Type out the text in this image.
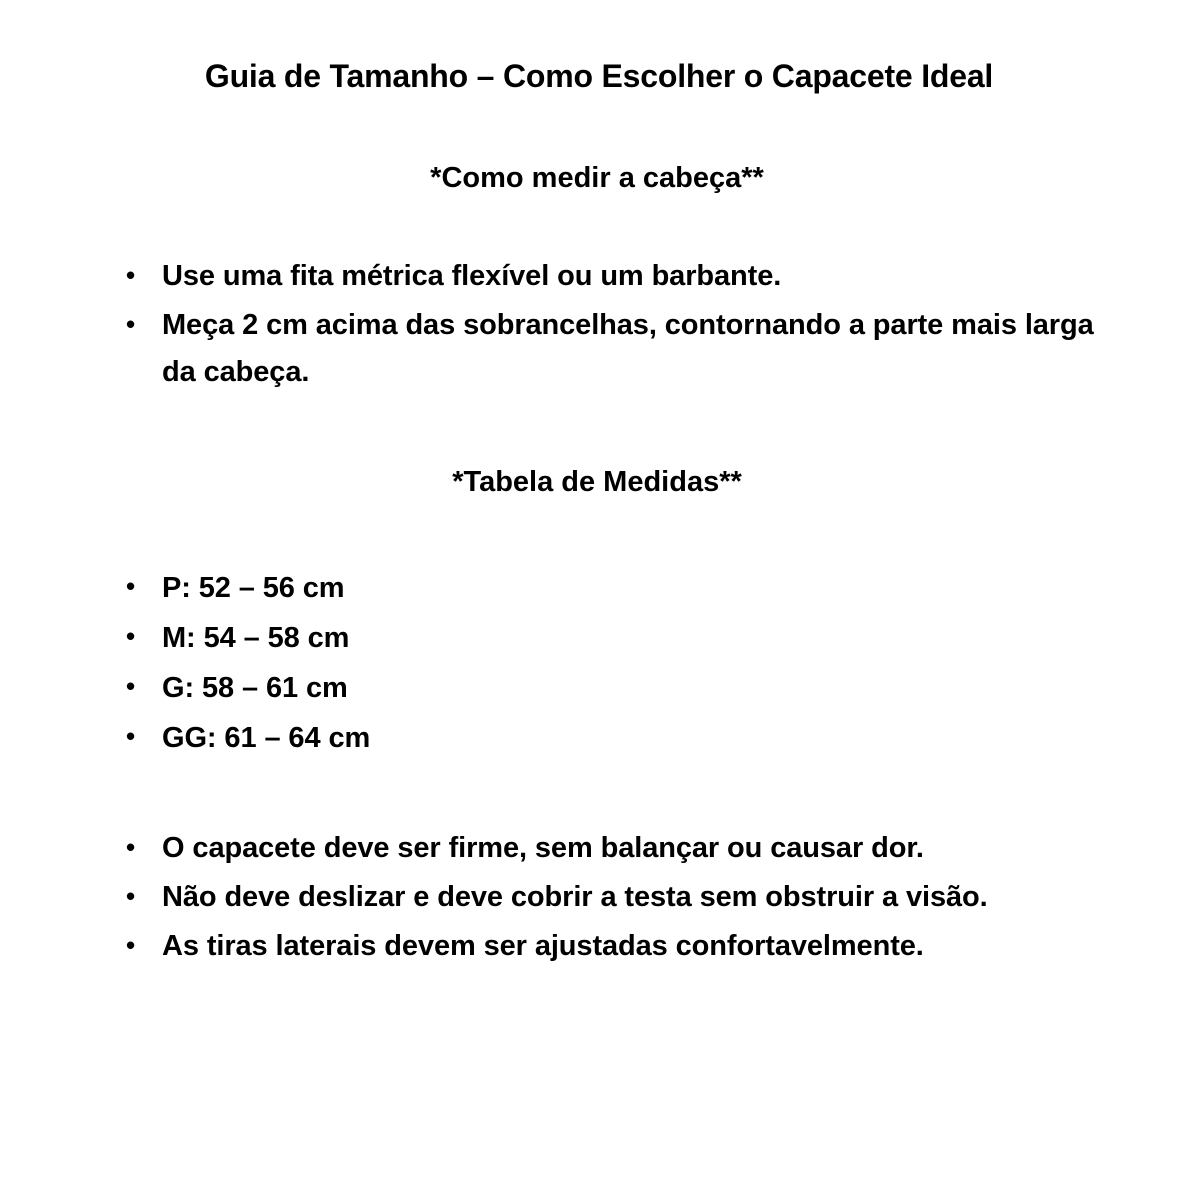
Guia de Tamanho – Como Escolher o Capacete Ideal
*Como medir a cabeça**
• Use uma fita métrica flexível ou um barbante.
• Meça 2 cm acima das sobrancelhas, contornando a parte mais larga da cabeça.
*Tabela de Medidas**
• P: 52 – 56 cm
• M: 54 – 58 cm
• G: 58 – 61 cm
• GG: 61 – 64 cm
• O capacete deve ser firme, sem balançar ou causar dor.
• Não deve deslizar e deve cobrir a testa sem obstruir a visão.
• As tiras laterais devem ser ajustadas confortavelmente.
